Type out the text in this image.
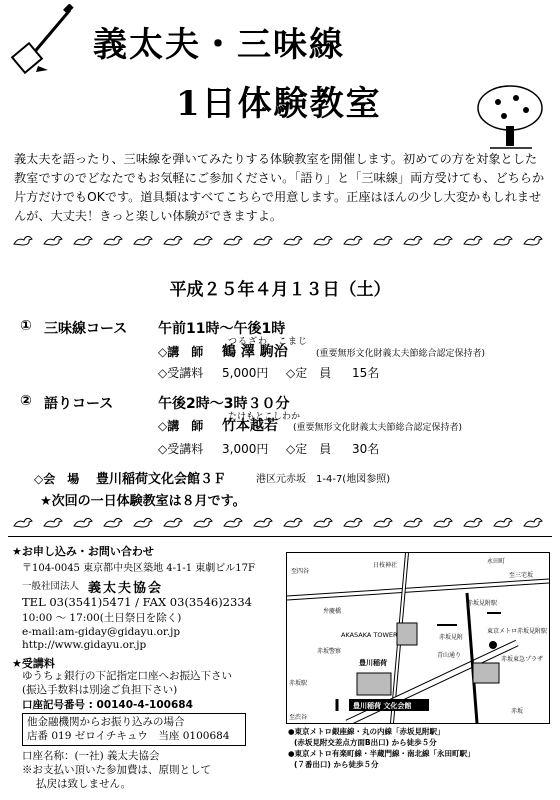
義太夫・三味線
1日体験教室
義太夫を語ったり、三味線を弾いてみたりする体験教室を開催します。初めての方を対象とした教室ですのでどなたでもお気軽にご参加ください。「語り」と「三味線」両方受けても、どちらか片方だけでもOKです。道具類はすべてこちらで用意します。正座はほんの少し大変かもしれませんが、大丈夫！きっと楽しい体験ができますよ。
平成２５年４月１３日（土）
① 三味線コース 午前11時～午後1時
つるざわ　こまじ
◇講　師 鶴 澤 駒治	(重要無形文化財義太夫節総合認定保持者)
◇受講料 5,000円 ◇定　員 15名
② 語りコース	午後2時～3時３０分
たけもとこしわか
◇講　師 竹本越若 (重要無形文化財義太夫節総合認定保持者)
◇受講料 3,000円 ◇定　員 30名
◇会　場 豊川稲荷文化会館３Ｆ	港区元赤坂　1-4-7(地図参照)
★次回の一日体験教室は８月です。
★お申し込み・お問い合わせ
〒104-0045 東京都中央区築地 4-1-1 東劇ビル17F
一般社団法人 義太夫協会
TEL 03(3541)5471 / FAX 03(3546)2334
10:00 ～ 17:00(土日祭日を除く)
e-mail:am-giday@gidayu.or.jp
http://www.gidayu.or.jp
★受講料
ゆうちょ銀行の下記指定口座へお振込下さい
(振込手数料は別途ご負担下さい)
口座記号番号 : 00140-4-100684
他金融機関からお振り込みの場合
店番 019 ゼロイチキュウ　当座 0100684
口座名称：(一社) 義太夫協会
※お支払い頂いた参加費は、原則として
払戻は致しません。
至四谷
日枝神社
永田町
至三宅坂
弁慶橋
赤坂見附駅
AKASAKA TOWER
赤坂警察
赤坂見附
東京メトロ赤坂見附駅
赤坂東急プラザ
豊川稲荷
豊川稲荷 文化会館
青山通り
赤坂駅
至渋谷
赤坂
●東京メトロ銀座線・丸の内線「赤坂見附駅」
(赤坂見附交差点方面B出口) から徒歩５分
●東京メトロ有楽町線・半蔵門線・南北線「永田町駅」
(７番出口) から徒歩５分
